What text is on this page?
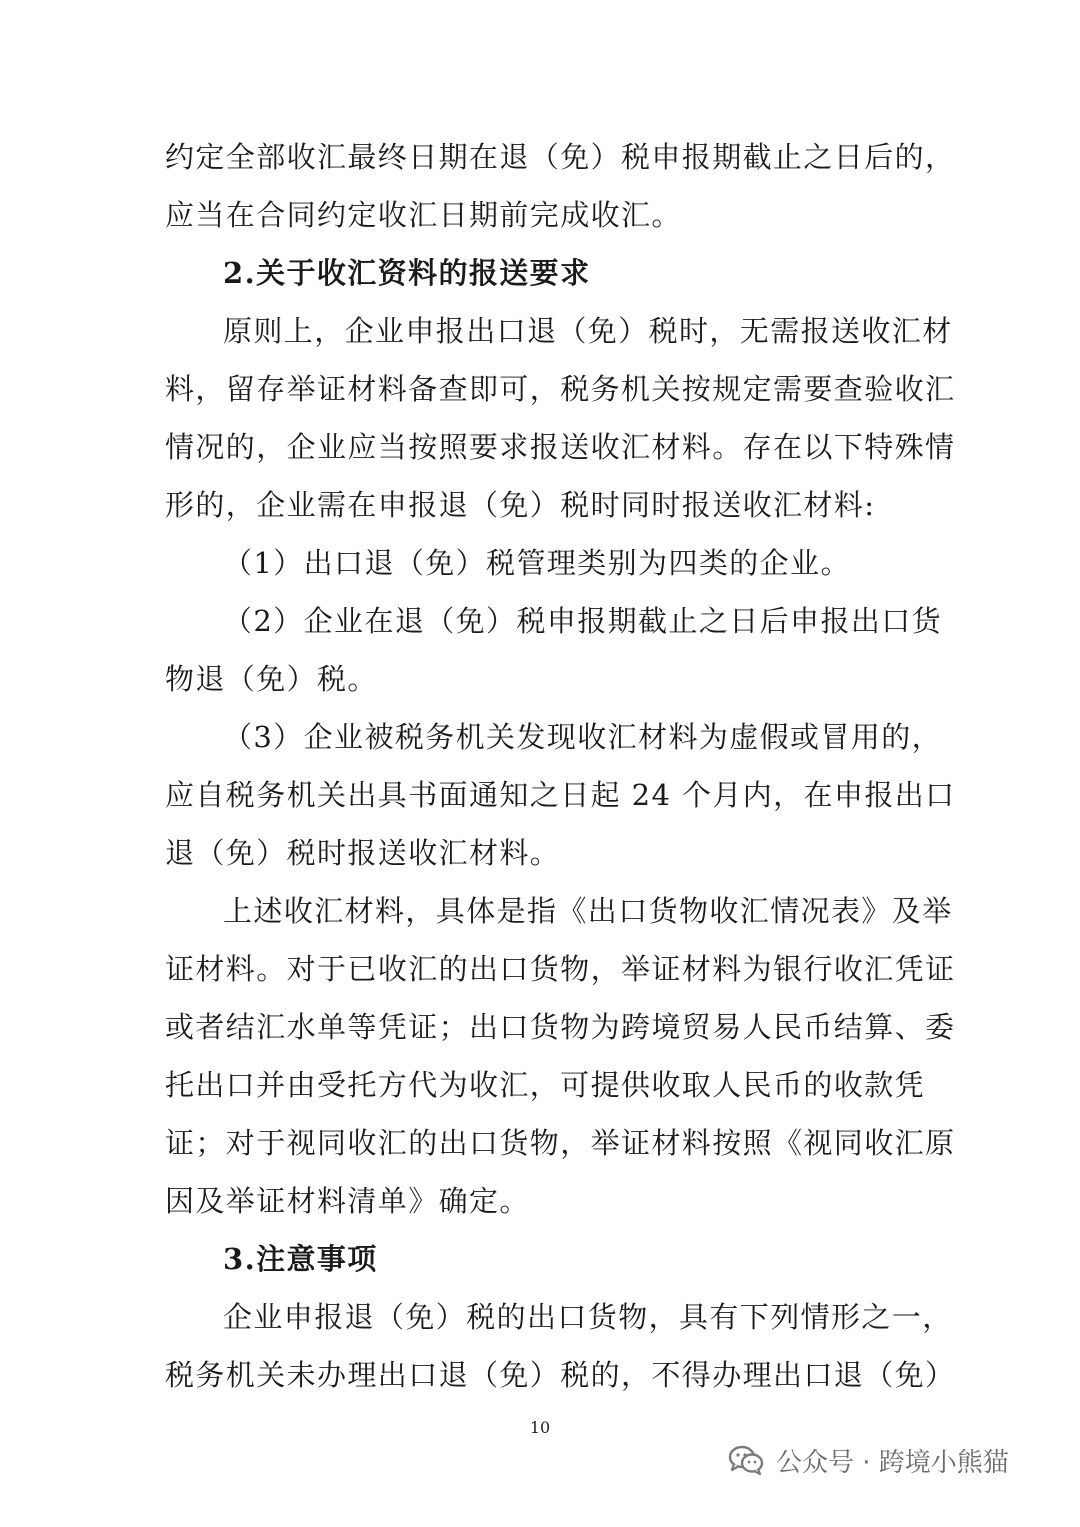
约定全部收汇最终日期在退（免）税申报期截止之日后的，
应当在合同约定收汇日期前完成收汇。
2.关于收汇资料的报送要求
原则上，企业申报出口退（免）税时，无需报送收汇材
料，留存举证材料备查即可，税务机关按规定需要查验收汇
情况的，企业应当按照要求报送收汇材料。存在以下特殊情
形的，企业需在申报退（免）税时同时报送收汇材料:
（1）出口退（免）税管理类别为四类的企业。
（2）企业在退（免）税申报期截止之日后申报出口货
物退（免）税。
（3）企业被税务机关发现收汇材料为虚假或冒用的，
应自税务机关出具书面通知之日起 24 个月内，在申报出口
退（免）税时报送收汇材料。
上述收汇材料，具体是指《出口货物收汇情况表》及举
证材料。对于已收汇的出口货物，举证材料为银行收汇凭证
或者结汇水单等凭证；出口货物为跨境贸易人民币结算、委
托出口并由受托方代为收汇，可提供收取人民币的收款凭
证；对于视同收汇的出口货物，举证材料按照《视同收汇原
因及举证材料清单》确定。
3.注意事项
企业申报退（免）税的出口货物，具有下列情形之一，
税务机关未办理出口退（免）税的，不得办理出口退（免）
10
公众号 · 跨境小熊猫
